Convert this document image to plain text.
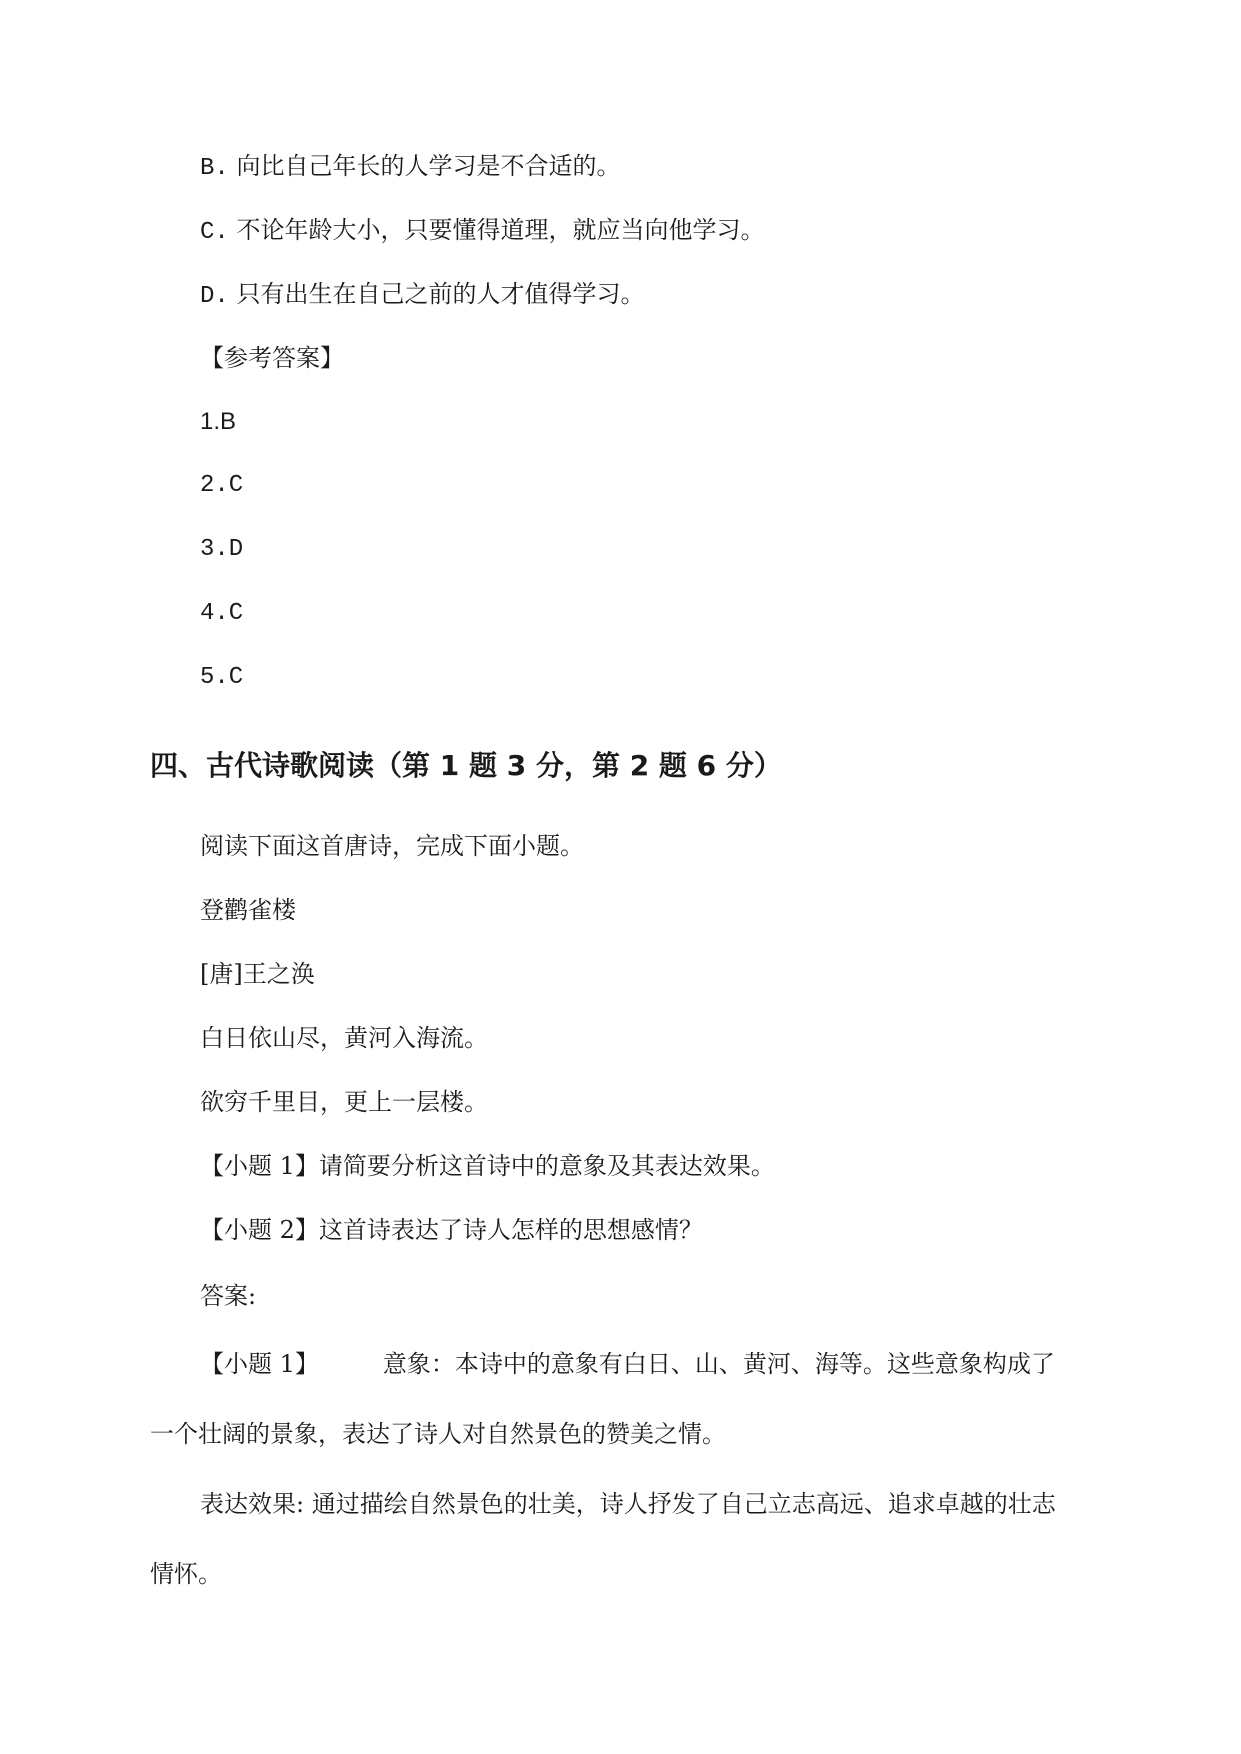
B. 向比自己年长的人学习是不合适的。
C. 不论年龄大小，只要懂得道理，就应当向他学习。
D. 只有出生在自己之前的人才值得学习。
【参考答案】
1.B
2.C
3.D
4.C
5.C
四、古代诗歌阅读（第 1 题 3 分，第 2 题 6 分）
阅读下面这首唐诗，完成下面小题。
登鹳雀楼
[唐]王之涣
白日依山尽，黄河入海流。
欲穷千里目，更上一层楼。
【小题 1】请简要分析这首诗中的意象及其表达效果。
【小题 2】这首诗表达了诗人怎样的思想感情？
答案:
【小题 1】	意象：本诗中的意象有白日、山、黄河、海等。这些意象构成了
一个壮阔的景象，表达了诗人对自然景色的赞美之情。
表达效果: 通过描绘自然景色的壮美，诗人抒发了自己立志高远、追求卓越的壮志
情怀。
